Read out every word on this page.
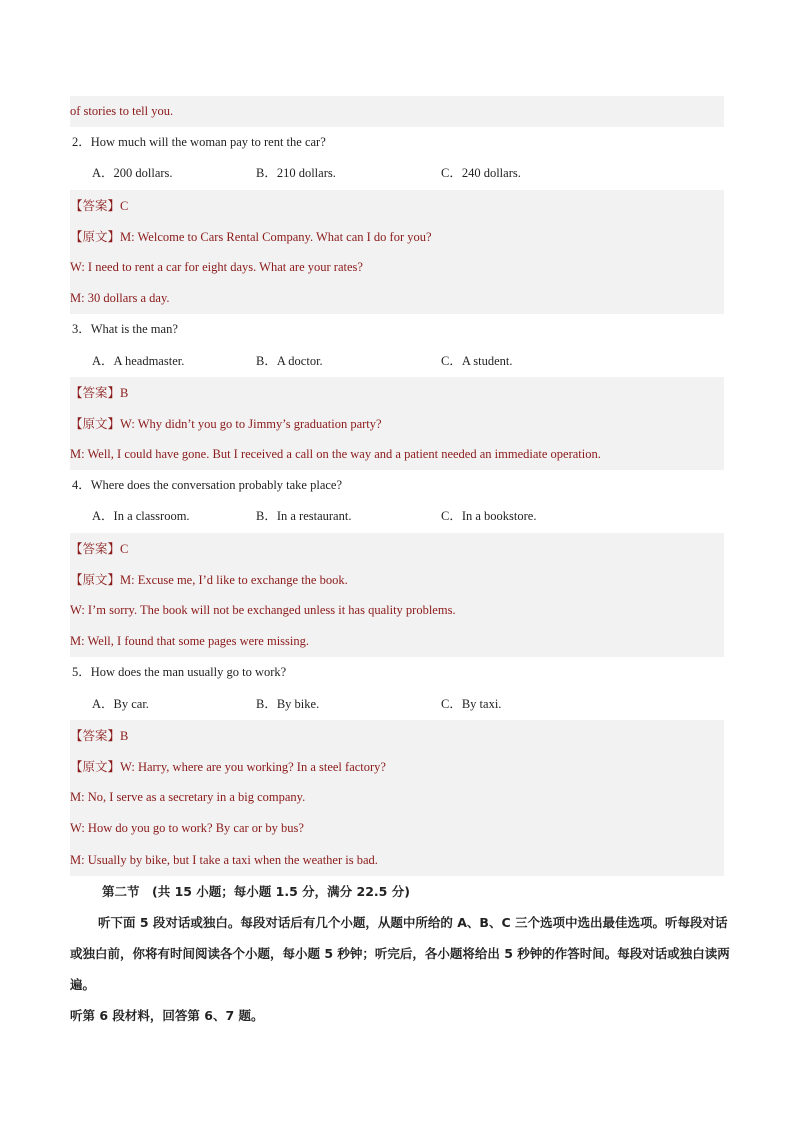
of stories to tell you.
2．How much will the woman pay to rent the car?
A．200 dollars.	B．210 dollars.	C．240 dollars.
【答案】C
【原文】M: Welcome to Cars Rental Company. What can I do for you?
W: I need to rent a car for eight days. What are your rates?
M: 30 dollars a day.
3．What is the man?
A．A headmaster.	B．A doctor.	C．A student.
【答案】B
【原文】W: Why didn’t you go to Jimmy’s graduation party?
M: Well, I could have gone. But I received a call on the way and a patient needed an immediate operation.
4．Where does the conversation probably take place?
A．In a classroom.	B．In a restaurant.	C．In a bookstore.
【答案】C
【原文】M: Excuse me, I’d like to exchange the book.
W: I’m sorry. The book will not be exchanged unless it has quality problems.
M: Well, I found that some pages were missing.
5．How does the man usually go to work?
A．By car.	B．By bike.	C．By taxi.
【答案】B
【原文】W: Harry, where are you working? In a steel factory?
M: No, I serve as a secretary in a big company.
W: How do you go to work? By car or by bus?
M: Usually by bike, but I take a taxi when the weather is bad.
第二节　(共 15 小题；每小题 1.5 分，满分 22.5 分)
听下面 5 段对话或独白。每段对话后有几个小题，从题中所给的 A、B、C 三个选项中选出最佳选项。听每段对话或独白前，你将有时间阅读各个小题，每小题 5 秒钟；听完后，各小题将给出 5 秒钟的作答时间。每段对话或独白读两遍。
听第 6 段材料，回答第 6、7 题。
